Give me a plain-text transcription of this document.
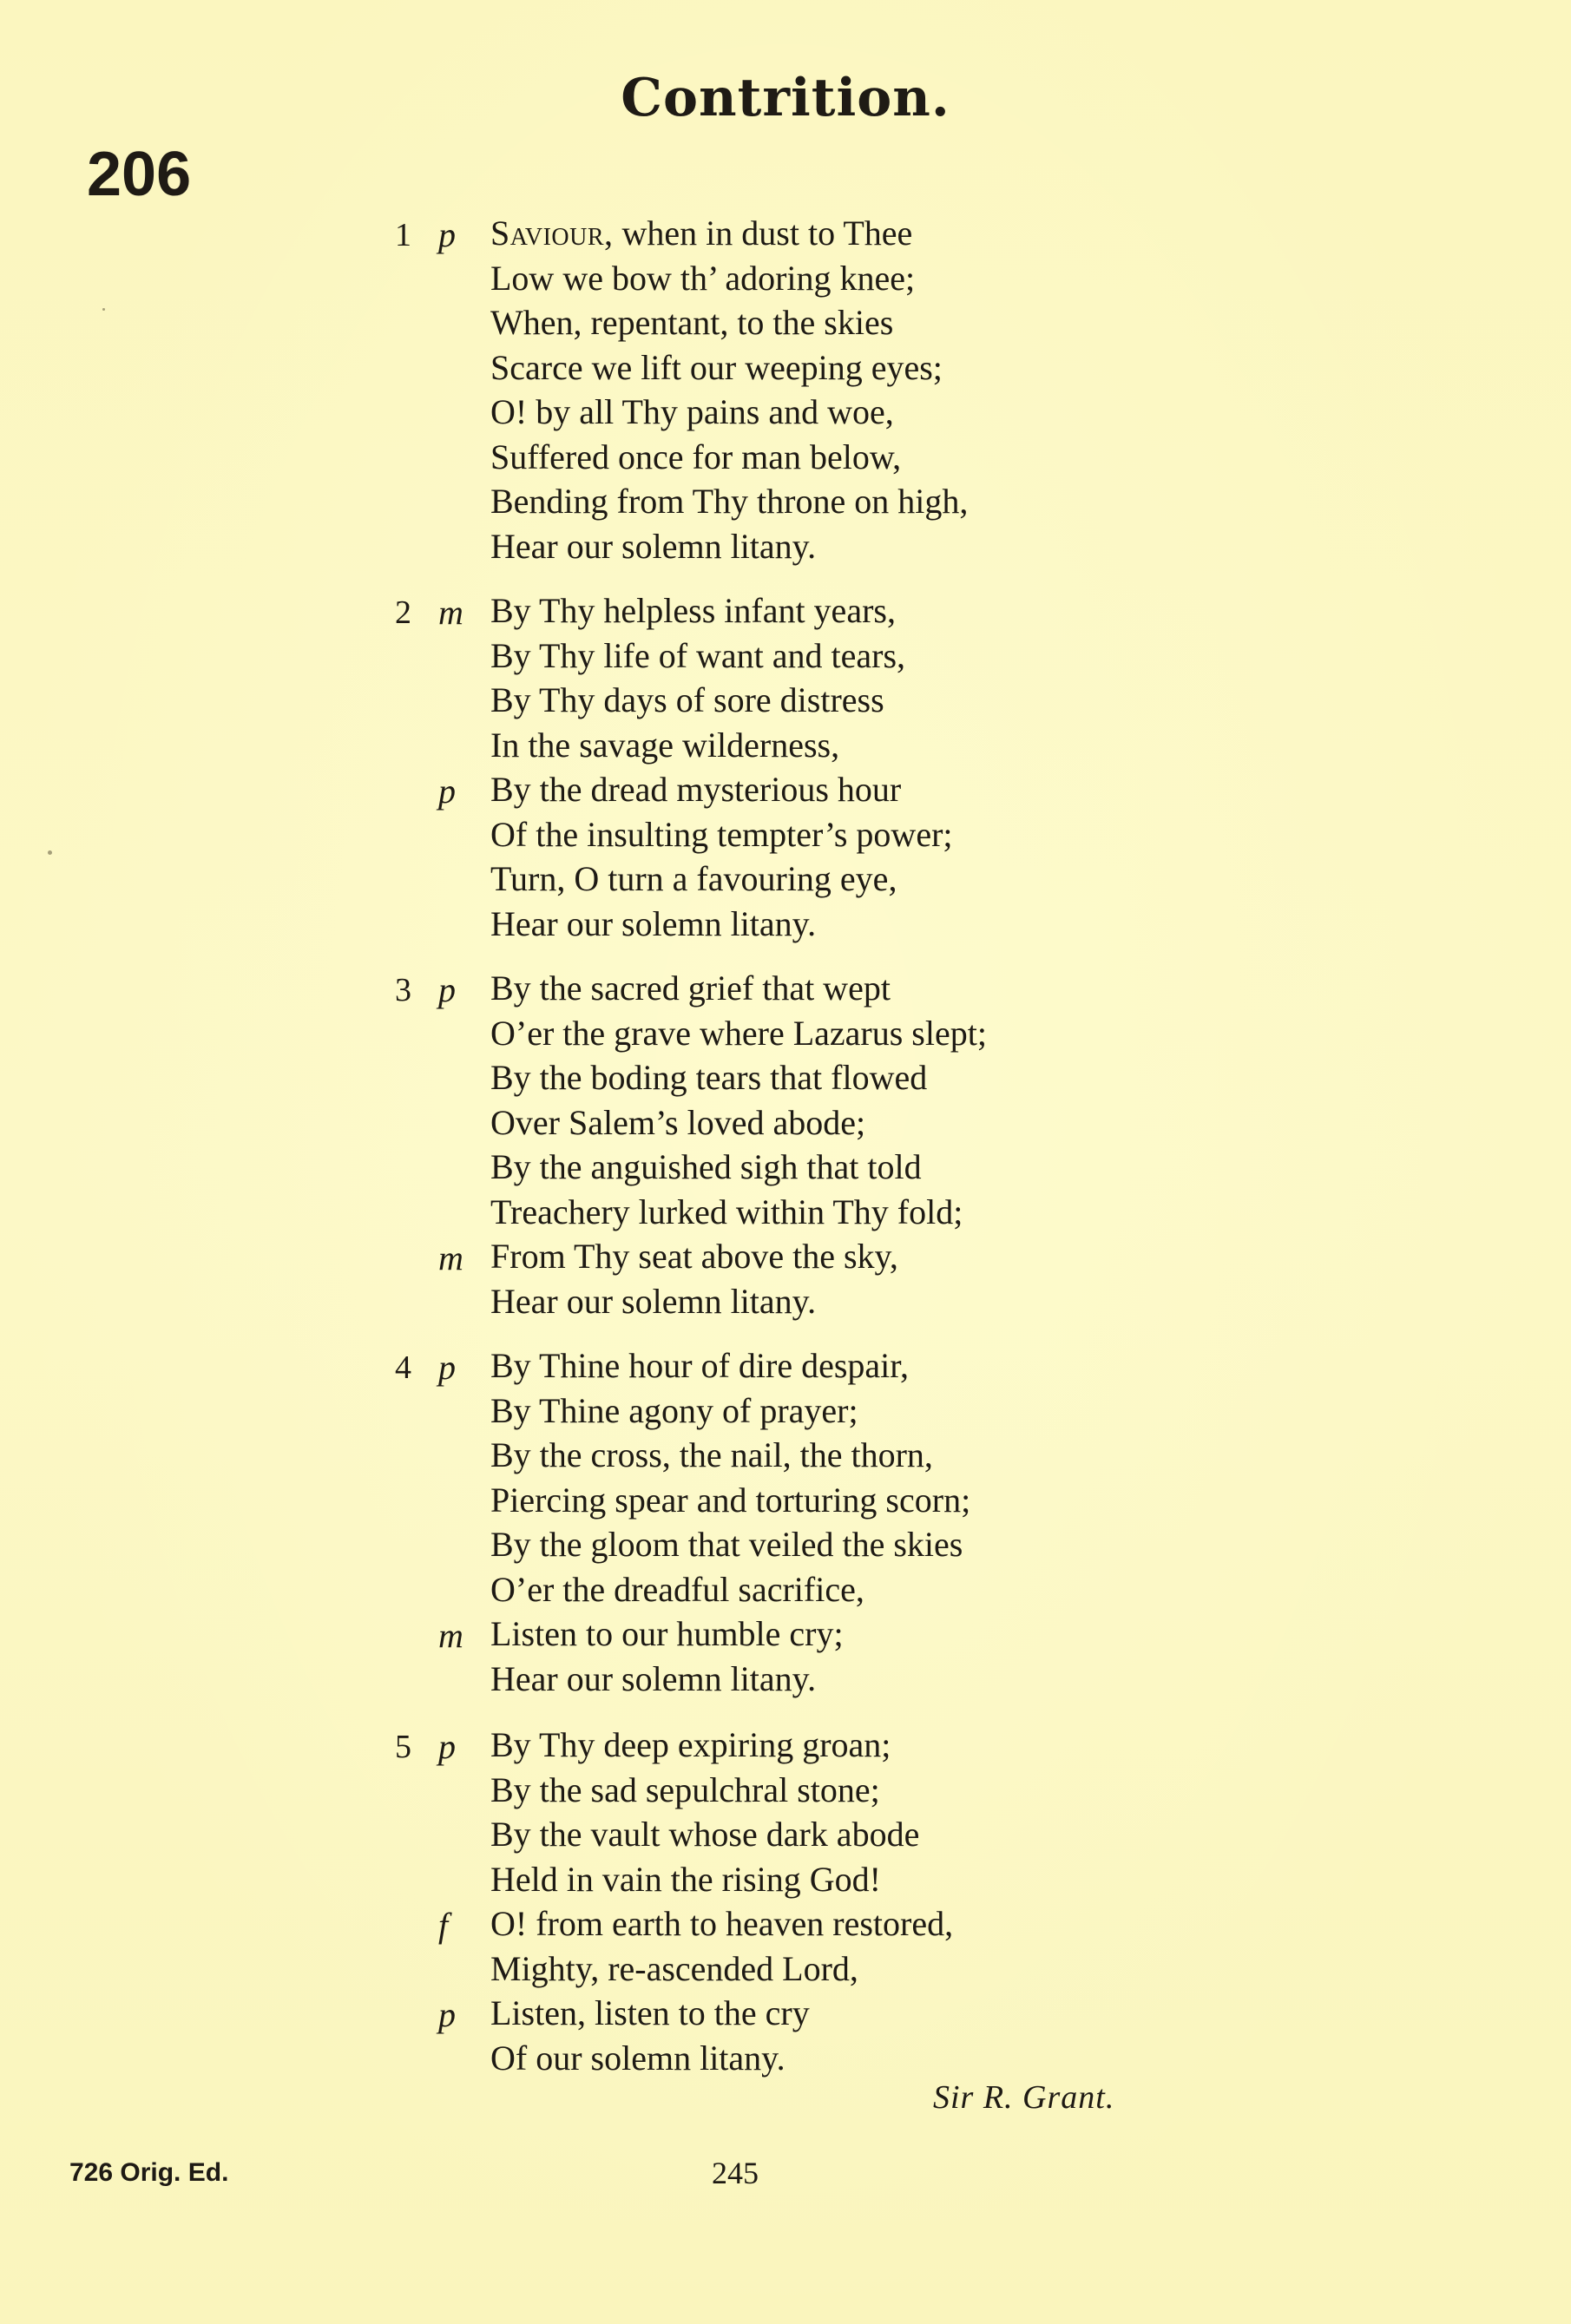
Contrition.
206
1 p Saviour, when in dust to Thee
Low we bow th’ adoring knee;
When, repentant, to the skies
Scarce we lift our weeping eyes;
O! by all Thy pains and woe,
Suffered once for man below,
Bending from Thy throne on high,
Hear our solemn litany.
2 m By Thy helpless infant years,
By Thy life of want and tears,
By Thy days of sore distress
In the savage wilderness,
p By the dread mysterious hour
Of the insulting tempter’s power;
Turn, O turn a favouring eye,
Hear our solemn litany.
3 p By the sacred grief that wept
O’er the grave where Lazarus slept;
By the boding tears that flowed
Over Salem’s loved abode;
By the anguished sigh that told
Treachery lurked within Thy fold;
m From Thy seat above the sky,
Hear our solemn litany.
4 p By Thine hour of dire despair,
By Thine agony of prayer;
By the cross, the nail, the thorn,
Piercing spear and torturing scorn;
By the gloom that veiled the skies
O’er the dreadful sacrifice,
m Listen to our humble cry;
Hear our solemn litany.
5 p By Thy deep expiring groan;
By the sad sepulchral stone;
By the vault whose dark abode
Held in vain the rising God!
f O! from earth to heaven restored,
Mighty, re-ascended Lord,
p Listen, listen to the cry
Of our solemn litany.
Sir R. Grant.
726 Orig. Ed.	245
